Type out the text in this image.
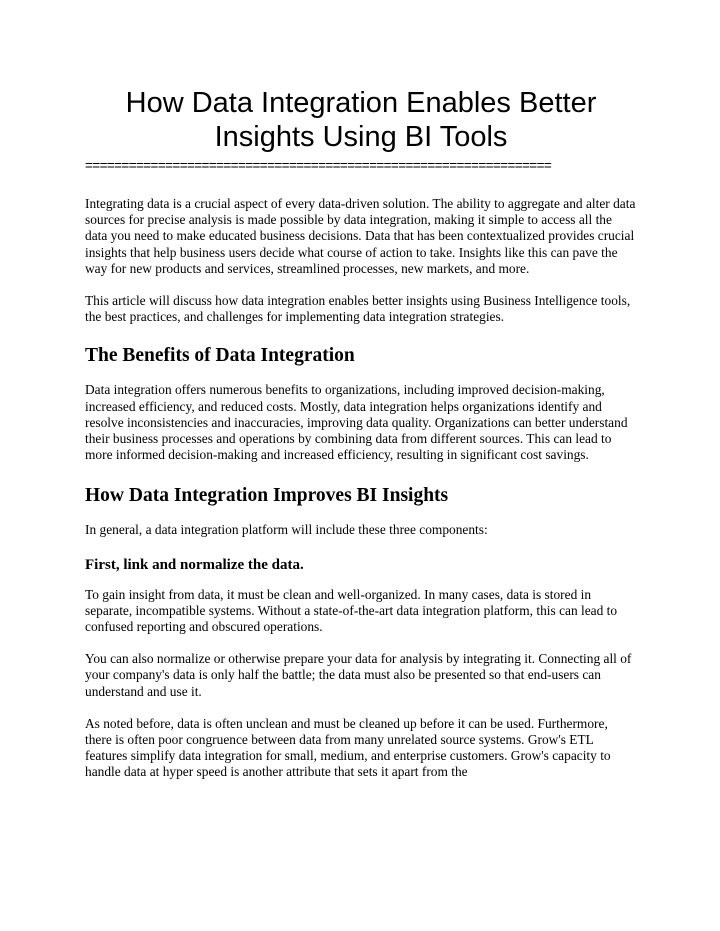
How Data Integration Enables Better Insights Using BI Tools
================================================================

Integrating data is a crucial aspect of every data-driven solution. The ability to aggregate and alter data sources for precise analysis is made possible by data integration, making it simple to access all the data you need to make educated business decisions. Data that has been contextualized provides crucial insights that help business users decide what course of action to take. Insights like this can pave the way for new products and services, streamlined processes, new markets, and more.

This article will discuss how data integration enables better insights using Business Intelligence tools, the best practices, and challenges for implementing data integration strategies.

The Benefits of Data Integration

Data integration offers numerous benefits to organizations, including improved decision-making, increased efficiency, and reduced costs. Mostly, data integration helps organizations identify and resolve inconsistencies and inaccuracies, improving data quality. Organizations can better understand their business processes and operations by combining data from different sources. This can lead to more informed decision-making and increased efficiency, resulting in significant cost savings.

How Data Integration Improves BI Insights

In general, a data integration platform will include these three components:

First, link and normalize the data.

To gain insight from data, it must be clean and well-organized. In many cases, data is stored in separate, incompatible systems. Without a state-of-the-art data integration platform, this can lead to confused reporting and obscured operations.

You can also normalize or otherwise prepare your data for analysis by integrating it. Connecting all of your company's data is only half the battle; the data must also be presented so that end-users can understand and use it.

As noted before, data is often unclean and must be cleaned up before it can be used. Furthermore, there is often poor congruence between data from many unrelated source systems. Grow's ETL features simplify data integration for small, medium, and enterprise customers. Grow's capacity to handle data at hyper speed is another attribute that sets it apart from the
